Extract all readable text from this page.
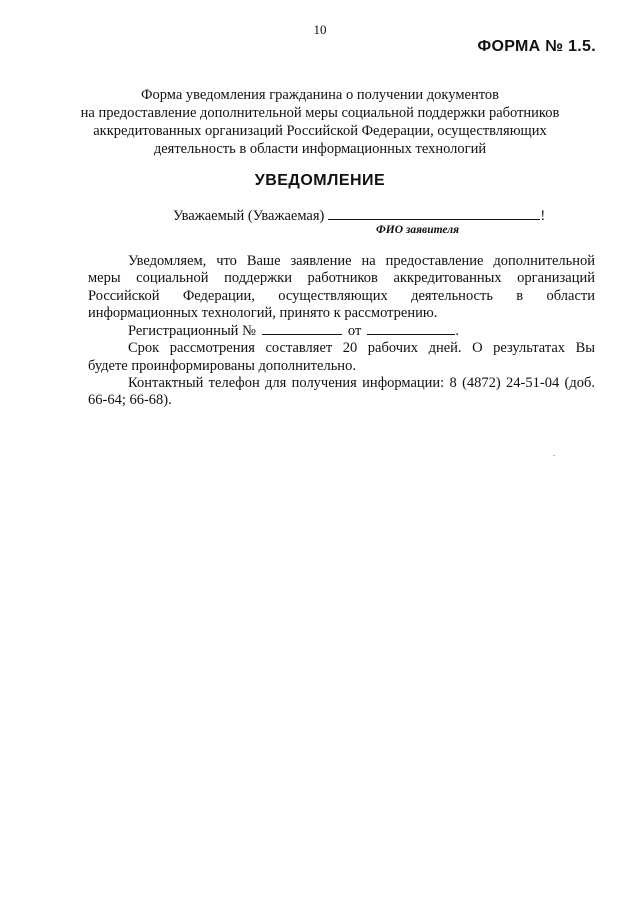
10
ФОРМА № 1.5.
Форма уведомления гражданина о получении документов
на предоставление дополнительной меры социальной поддержки работников
аккредитованных организаций Российской Федерации, осуществляющих
деятельность в области информационных технологий
УВЕДОМЛЕНИЕ
Уважаемый (Уважаемая)	!
ФИО заявителя

Уведомляем, что Ваше заявление на предоставление дополнительной
меры социальной поддержки работников аккредитованных организаций
Российской Федерации, осуществляющих деятельность в области
информационных технологий, принято к рассмотрению.

Регистрационный №	от	.

Срок рассмотрения составляет 20 рабочих дней. О результатах Вы
будете проинформированы дополнительно.

Контактный телефон для получения информации: 8 (4872) 24-51-04 (доб.
66-64; 66-68).
